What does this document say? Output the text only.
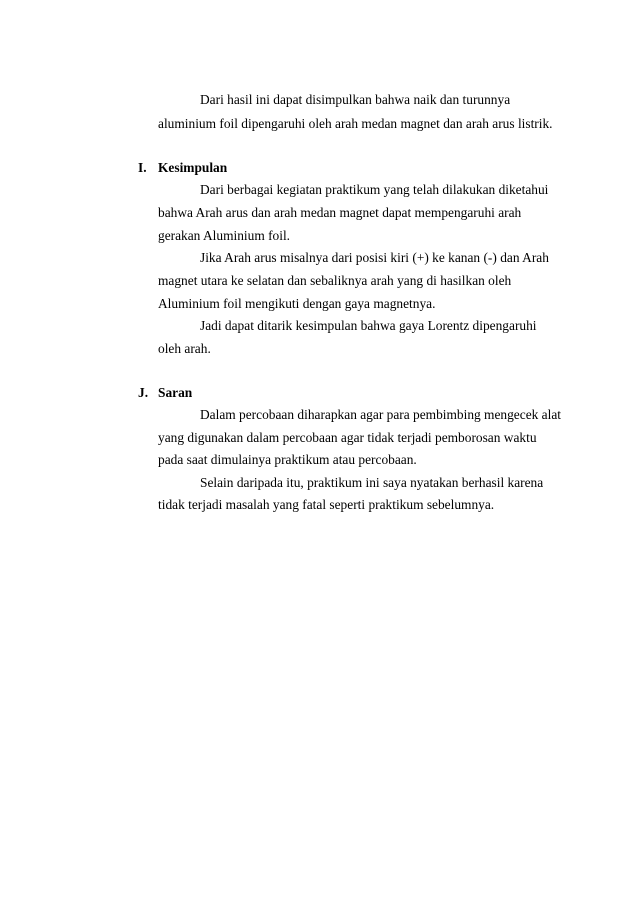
Dari hasil ini dapat disimpulkan bahwa naik dan turunnya
aluminium foil dipengaruhi oleh arah medan magnet dan arah arus listrik.
I. Kesimpulan
Dari berbagai kegiatan praktikum yang telah dilakukan diketahui
bahwa Arah arus dan arah medan magnet dapat mempengaruhi arah
gerakan Aluminium foil.
Jika Arah arus misalnya dari posisi kiri (+) ke kanan (-) dan Arah
magnet utara ke selatan dan sebaliknya arah yang di hasilkan oleh
Aluminium foil mengikuti dengan gaya magnetnya.
Jadi dapat ditarik kesimpulan bahwa gaya Lorentz dipengaruhi
oleh arah.
J. Saran
Dalam percobaan diharapkan agar para pembimbing mengecek alat
yang digunakan dalam percobaan agar tidak terjadi pemborosan waktu
pada saat dimulainya praktikum atau percobaan.
Selain daripada itu, praktikum ini saya nyatakan berhasil karena
tidak terjadi masalah yang fatal seperti praktikum sebelumnya.
